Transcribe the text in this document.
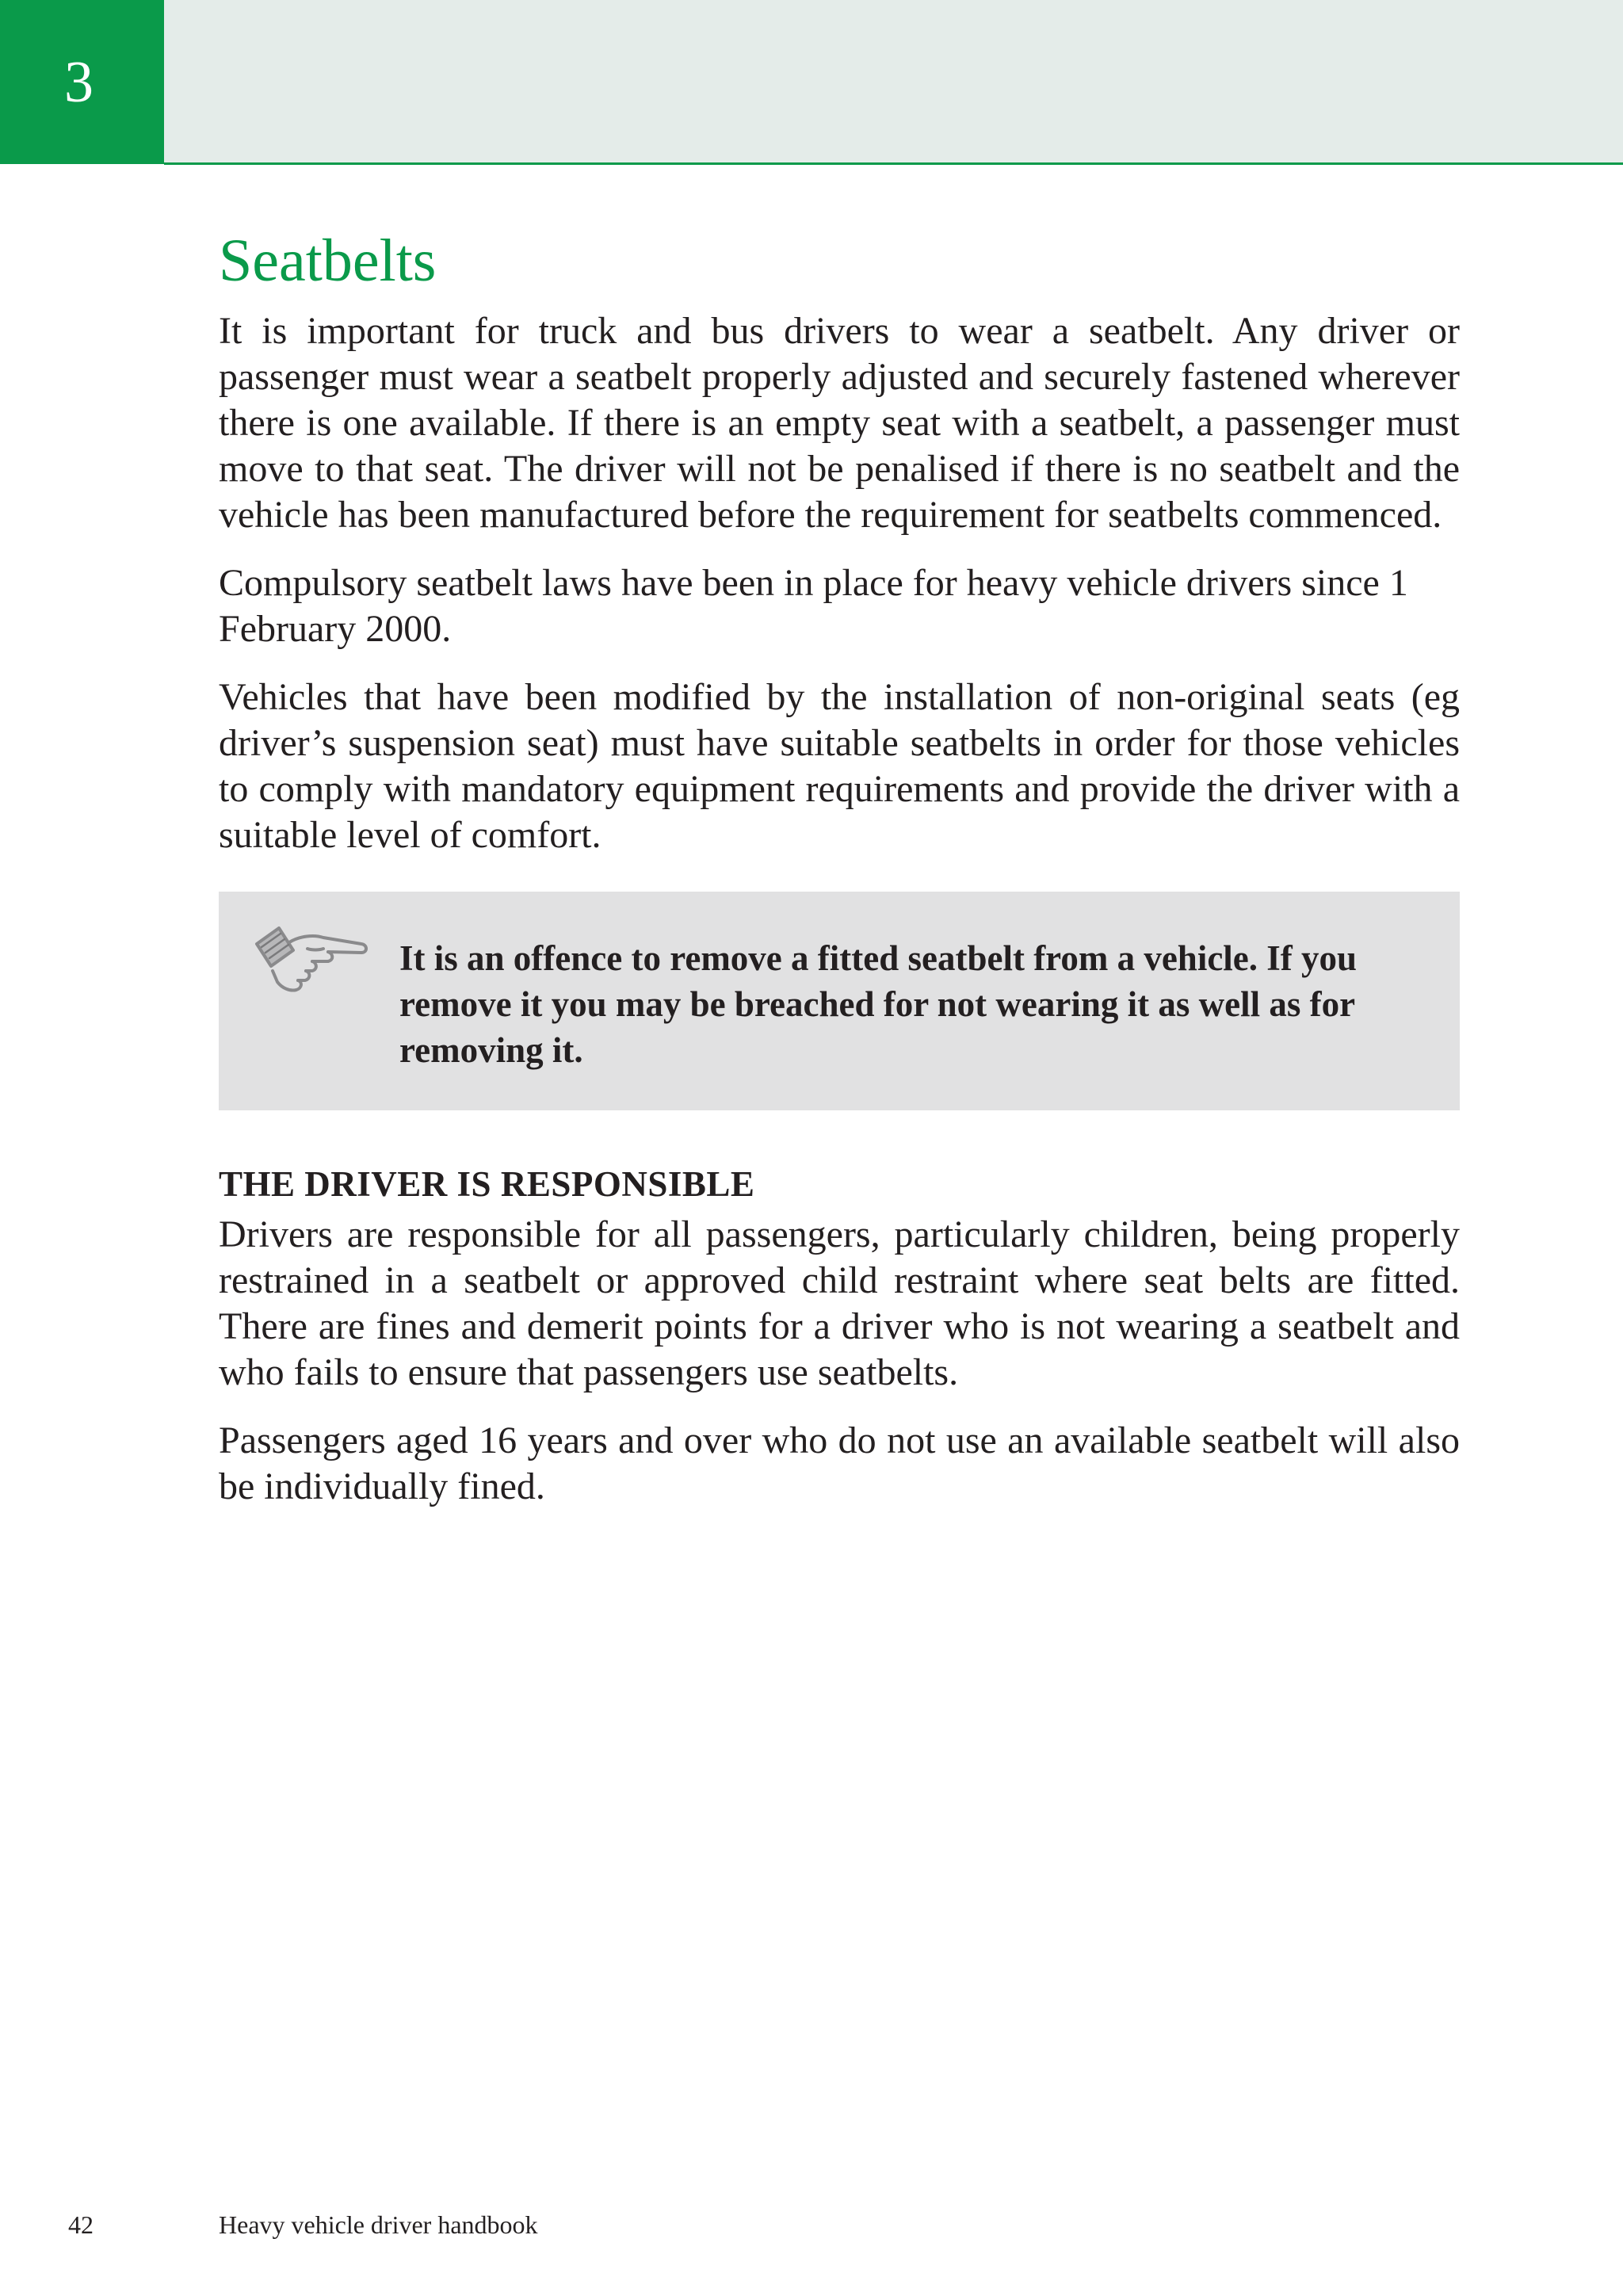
3
Seatbelts

It is important for truck and bus drivers to wear a seatbelt. Any driver or passenger must wear a seatbelt properly adjusted and securely fastened wherever there is one available. If there is an empty seat with a seatbelt, a passenger must move to that seat. The driver will not be penalised if there is no seatbelt and the vehicle has been manufactured before the requirement for seatbelts commenced.

Compulsory seatbelt laws have been in place for heavy vehicle drivers since 1 February 2000.

Vehicles that have been modified by the installation of non-original seats (eg driver’s suspension seat) must have suitable seatbelts in order for those vehicles to comply with mandatory equipment requirements and provide the driver with a suitable level of comfort.

It is an offence to remove a fitted seatbelt from a vehicle. If you remove it you may be breached for not wearing it as well as for removing it.

THE DRIVER IS RESPONSIBLE

Drivers are responsible for all passengers, particularly children, being properly restrained in a seatbelt or approved child restraint where seat belts are fitted. There are fines and demerit points for a driver who is not wearing a seatbelt and who fails to ensure that passengers use seatbelts.

Passengers aged 16 years and over who do not use an available seatbelt will also be individually fined.

42	Heavy vehicle driver handbook
